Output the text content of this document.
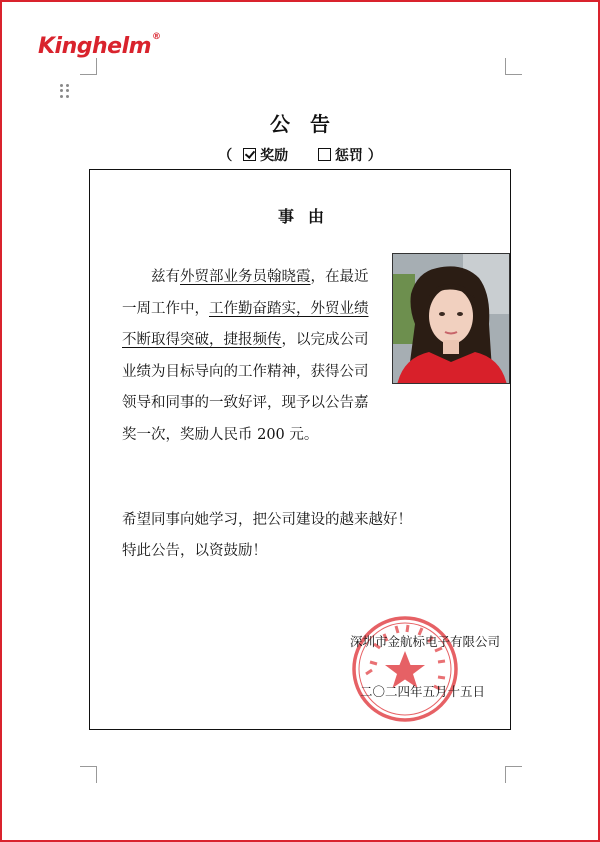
Kinghelm®
公告
（ 奖励	惩罚 ）
事由

兹有外贸部业务员翰晓霞，在最近一周工作中，工作勤奋踏实，外贸业绩不断取得突破，捷报频传，以完成公司业绩为目标导向的工作精神，获得公司领导和同事的一致好评，现予以公告嘉奖一次，奖励人民币 200 元。

希望同事向她学习，把公司建设的越来越好！

特此公告，以资鼓励！

深圳市金航标电子有限公司
二〇二四年五月十五日
